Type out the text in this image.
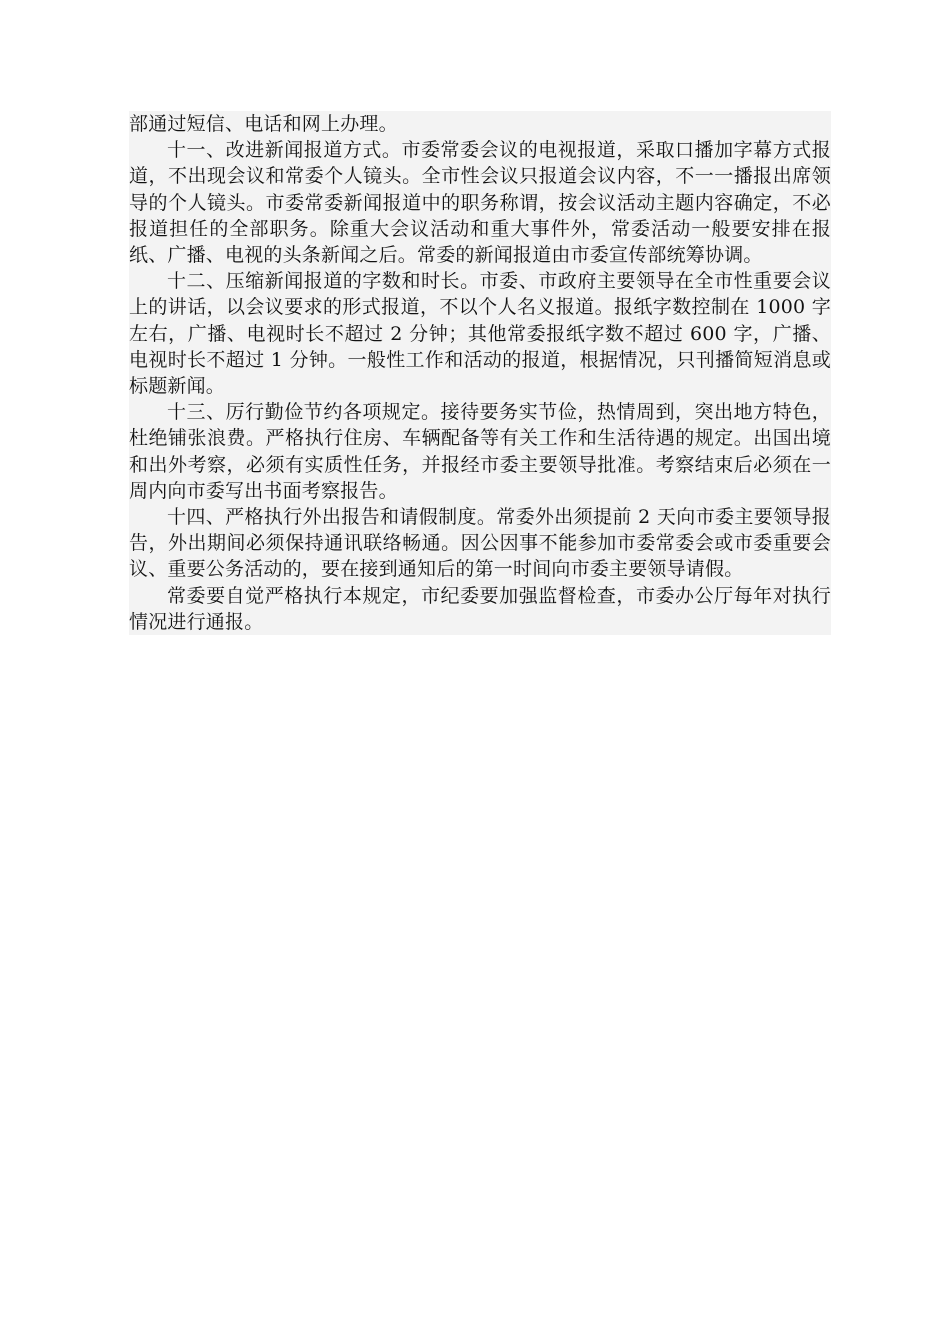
部通过短信、电话和网上办理。

十一、改进新闻报道方式。市委常委会议的电视报道，采取口播加字幕方式报道，不出现会议和常委个人镜头。全市性会议只报道会议内容，不一一播报出席领导的个人镜头。市委常委新闻报道中的职务称谓，按会议活动主题内容确定，不必报道担任的全部职务。除重大会议活动和重大事件外，常委活动一般要安排在报纸、广播、电视的头条新闻之后。常委的新闻报道由市委宣传部统筹协调。

十二、压缩新闻报道的字数和时长。市委、市政府主要领导在全市性重要会议上的讲话，以会议要求的形式报道，不以个人名义报道。报纸字数控制在 1000 字左右，广播、电视时长不超过 2 分钟；其他常委报纸字数不超过 600 字，广播、电视时长不超过 1 分钟。一般性工作和活动的报道，根据情况，只刊播简短消息或标题新闻。

十三、厉行勤俭节约各项规定。接待要务实节俭，热情周到，突出地方特色，杜绝铺张浪费。严格执行住房、车辆配备等有关工作和生活待遇的规定。出国出境和出外考察，必须有实质性任务，并报经市委主要领导批准。考察结束后必须在一周内向市委写出书面考察报告。

十四、严格执行外出报告和请假制度。常委外出须提前 2 天向市委主要领导报告，外出期间必须保持通讯联络畅通。因公因事不能参加市委常委会或市委重要会议、重要公务活动的，要在接到通知后的第一时间向市委主要领导请假。

常委要自觉严格执行本规定，市纪委要加强监督检查，市委办公厅每年对执行情况进行通报。
